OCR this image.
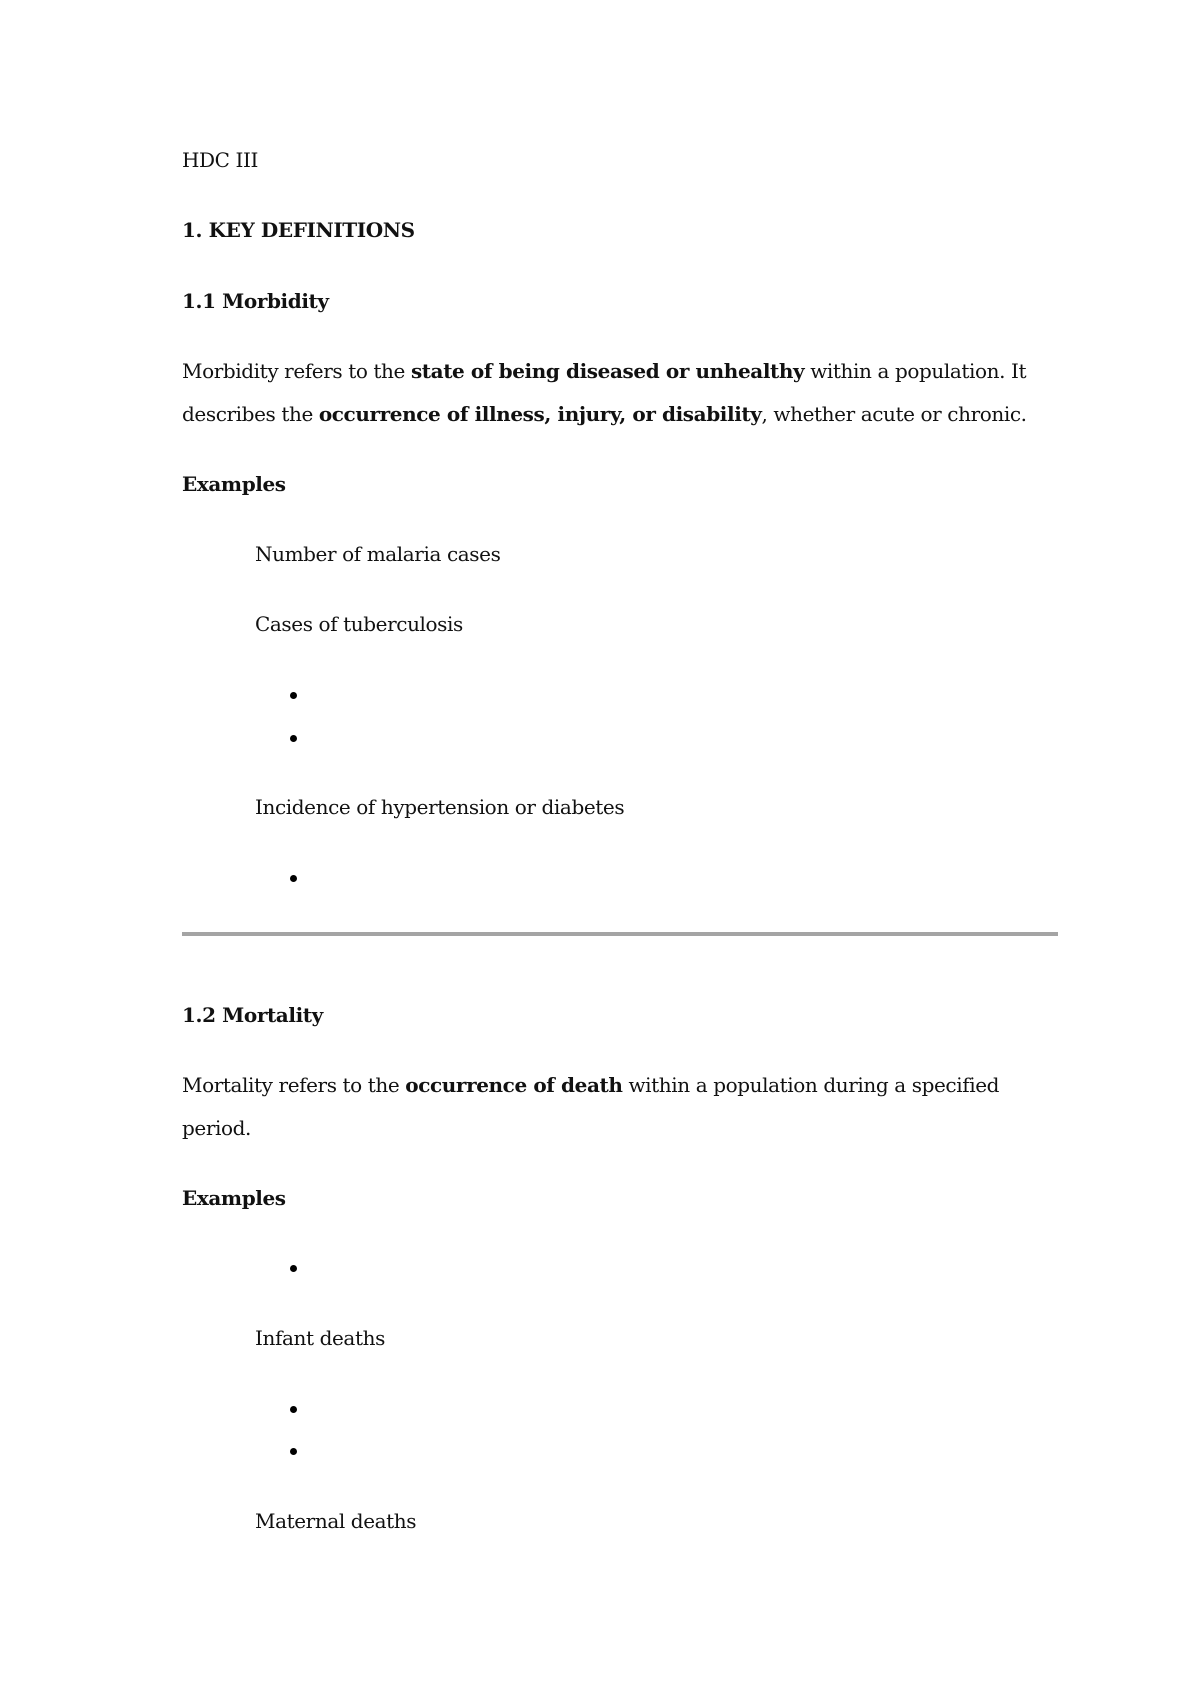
HDC III
1. KEY DEFINITIONS
1.1 Morbidity
Morbidity refers to the state of being diseased or unhealthy within a population. It
describes the occurrence of illness, injury, or disability, whether acute or chronic.
Examples
Number of malaria cases
Cases of tuberculosis
Incidence of hypertension or diabetes
1.2 Mortality
Mortality refers to the occurrence of death within a population during a specified
period.
Examples
Infant deaths
Maternal deaths
